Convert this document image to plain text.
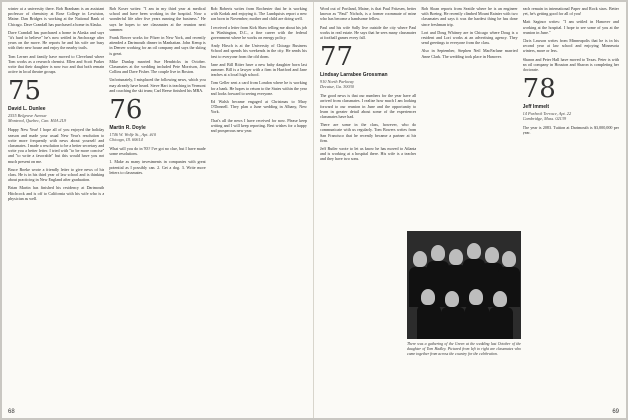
winter at a university there. Bob Branham is an assistant professor of chemistry at Rose College in Lewiston, Maine. Dan Bridges is working at the National Bank of Chicago. Dave Crandall has purchased a home in Alaska.

Dave Crandall has purchased a home in Alaska and says "it's hard to believe" he's now settled in Anchorage after years on the move. He reports he and his wife are busy with their new house and enjoy the nearby trails.

Tom Lerner and family have moved to Cleveland where Tom works as a research chemist. Ellen and Scott Parker write that their daughter is now two and that both remain active in local theatre groups.

75
David L. Dunlee
2555 Belgrave Avenue
Montreal, Quebec, Can. H4A 2L9

Happy New Year! I hope all of you enjoyed the holiday season and made your usual New Year's resolution to write more frequently with news about yourself and classmates. I made a resolution to be a better secretary and write you a better letter. I tried with "to be more concise" and "to write a favorable" but this would have you not much present on me.

Bruce Boeke wrote a friendly letter to give news of his class. He is in his third year of law school and is thinking about practicing in New England after graduation.

Brian Martin has finished his residency at Dartmouth Hitchcock and is off to California with his wife who is a physician as well.

Rob Koser writes: "I am in my third year at medical school and have been working in the hospital. Now a wonderful life after five years running the business." He says he hopes to see classmates at the reunion next summer.

Frank Bower works for Pfizer in New York, and recently attended a Dartmouth dinner in Manhattan. John Kemp is in Denver working for an oil company and says the skiing is great.

Mike Dunlap married Sue Hendricks in October. Classmates at the wedding included Pete Morrison, Jim Collins and Dave Fisher. The couple live in Boston.

Unfortunately, I misplaced the following news, which you may already have heard. Steve Hart is teaching in Vermont and coaching the ski team; Carl Reese finished his MBA.

76
Martin R. Doyle
1746 W. Wolfe St., Apt. #10
Chicago, Ill. 60614

What will you do in '83? I've got no clue, but I have made some resolutions.

1. Make as many investments in companies with great potential as I possibly can. 2. Get a dog. 3. Write more letters to classmates.

Rob Roberts writes from Rochester that he is working with Kodak and enjoying it. The Lundquists report a new son born in November; mother and child are doing well.

I received a letter from Kirk Shaw telling me about his job in Washington, D.C., a fine career with the federal government where he works on energy policy.

Andy Hirsch is at the University of Chicago Business School and spends his weekends in the city. He sends his best to everyone from the old dorm.

Jane and Bill Ritter have a new baby daughter born last summer. Bill is a lawyer with a firm in Hartford and Jane teaches at a local high school.

Tom Geller sent a card from London where he is working for a bank. He hopes to return to the States within the year and looks forward to seeing everyone.

Ed Walsh became engaged at Christmas to Mary O'Donnell. They plan a June wedding in Albany, New York.

That's all the news I have received for now. Please keep writing and I will keep reporting. Best wishes for a happy and prosperous new year.

68

Word out of Portland, Maine, is that Paul Fritzsen, better known as "Paul" Nichols, is a former roommate of mine who has become a handsome fellow.

Paul and his wife Sally live outside the city where Paul works in real estate. He says that he sees many classmates at football games every fall.

77
Lindsay Larrabee Grossman
910 North Parkway
Decatur, Ga. 30030

The good news is that our numbers for the year have all arrived from classmates. I realize how much I am looking forward to our reunion in June and the opportunity to learn in greater detail about some of the experiences classmates have had.

There are some in the class, however, who do communicate with us regularly. Tom Bowers writes from San Francisco that he recently became a partner at his firm.

Jeff Butler wrote to let us know he has moved to Atlanta and is working at a hospital there. His wife is a teacher and they have two sons.

Rob Sloan reports from Seattle where he is an engineer with Boeing. He recently climbed Mount Rainier with two classmates and says it was the hardest thing he has done since freshman trip.

Lori and Doug Whitney are in Chicago where Doug is a resident and Lori works at an advertising agency. They send greetings to everyone from the class.

Also in September, Stephen Neil MacFarlane married Anne Clark. The wedding took place in Hanover.

each remain in international Paper and Rock stars. Better yet, he's getting good for all of you!

Matt Saginor writes: "I am settled in Hanover and working at the hospital. I hope to see some of you at the reunion in June."

Chris Lawson writes from Minneapolis that he is in his second year at law school and enjoying Minnesota winters, more or less.

Sharon and Peter Hall have moved to Texas. Peter is with an oil company in Houston and Sharon is completing her doctorate.

78
Jeff Immelt
14 Purbeck Terrace, Apt. 22
Cambridge, Mass. 02139

The year is 2083. Tuition at Dartmouth is $3,000,000 per year.

There was a gathering of the Green at the wedding last October of the daughter of Tom Hadley. Pictured from left to right are classmates who came together from across the country for the celebration.
69
